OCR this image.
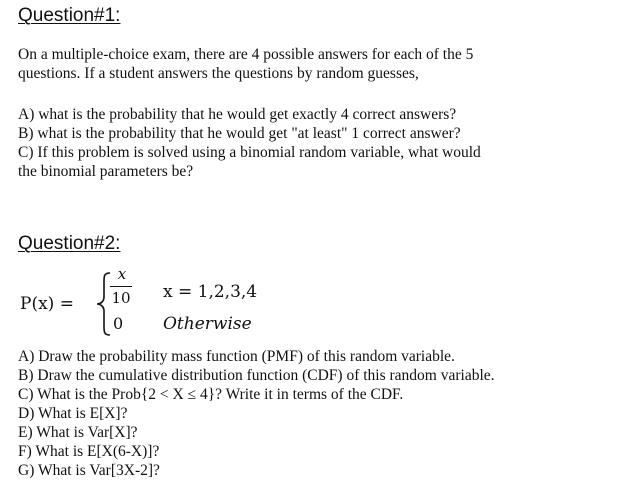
Question#1:
On a multiple-choice exam, there are 4 possible answers for each of the 5
questions. If a student answers the questions by random guesses,
A) what is the probability that he would get exactly 4 correct answers?
B) what is the probability that he would get "at least" 1 correct answer?
C) If this problem is solved using a binomial random variable, what would
the binomial parameters be?
Question#2:
P(x) =
x
10
0
x = 1,2,3,4
Otherwise
A) Draw the probability mass function (PMF) of this random variable.
B) Draw the cumulative distribution function (CDF) of this random variable.
C) What is the Prob{2 < X ≤ 4}? Write it in terms of the CDF.
D) What is E[X]?
E) What is Var[X]?
F) What is E[X(6-X)]?
G) What is Var[3X-2]?
